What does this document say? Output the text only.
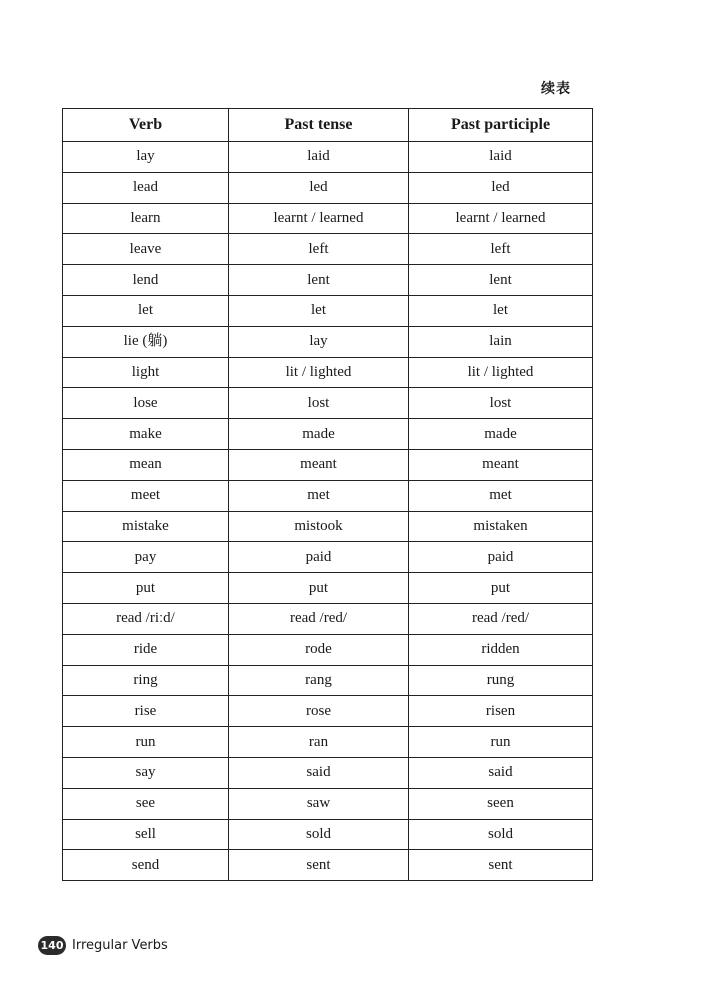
续表
Verb	Past tense	Past participle
lay	laid	laid
lead	led	led
learn	learnt / learned	learnt / learned
leave	left	left
lend	lent	lent
let	let	let
lie (躺)	lay	lain
light	lit / lighted	lit / lighted
lose	lost	lost
make	made	made
mean	meant	meant
meet	met	met
mistake	mistook	mistaken
pay	paid	paid
put	put	put
read /riːd/	read /red/	read /red/
ride	rode	ridden
ring	rang	rung
rise	rose	risen
run	ran	run
say	said	said
see	saw	seen
sell	sold	sold
send	sent	sent
140 Irregular Verbs
